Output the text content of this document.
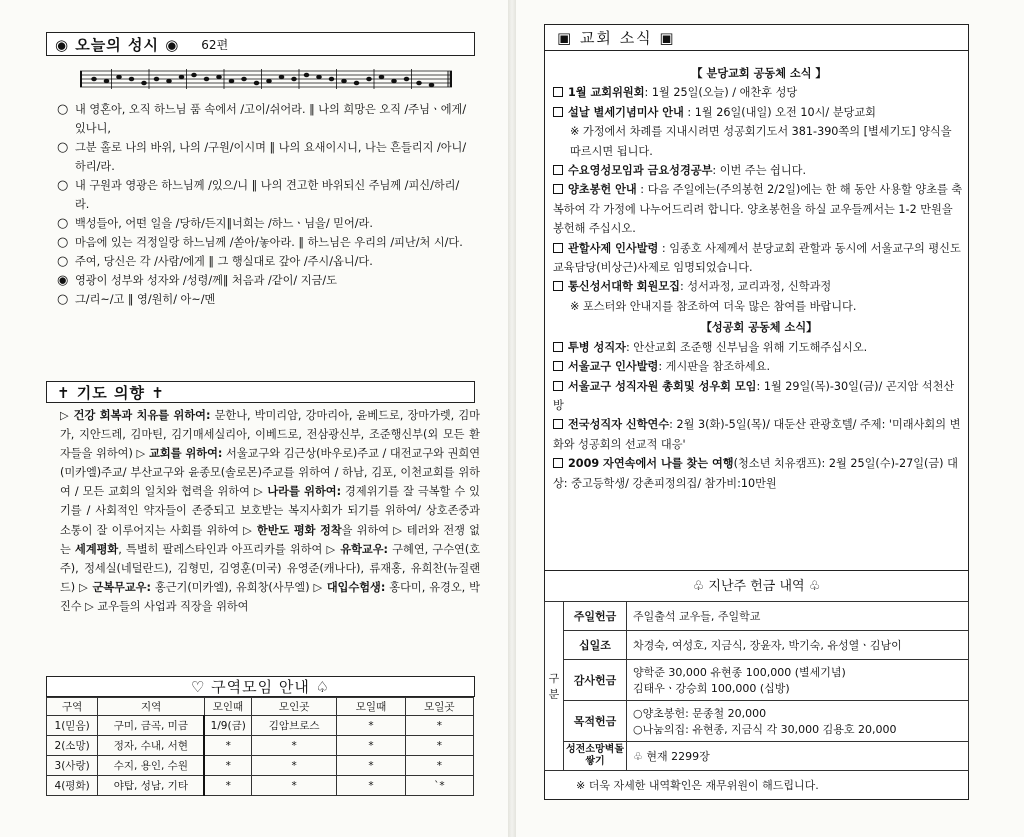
◉ 오늘의 성시 ◉ 62편
○ 내 영혼아, 오직 하느님 품 속에서 /고이/쉬어라. ‖ 나의 희망은 오직 /주님ㆍ에게/ 있나니,
○ 그분 홀로 나의 바위, 나의 /구원/이시며 ‖ 나의 요새이시니, 나는 흔들리지 /아니/하리/라.
○ 내 구원과 영광은 하느님께 /있으/니 ‖ 나의 견고한 바위되신 주님께 /피신/하리/라.
○ 백성들아, 어떤 일을 /당하/든지‖너희는 /하느ㆍ님을/ 믿어/라.
○ 마음에 있는 걱정일랑 하느님께 /쏟아/놓아라. ‖ 하느님은 우리의 /피난/처 시/다.
○ 주여, 당신은 각 /사람/에게 ‖ 그 행실대로 갚아 /주시/옵니/다.
◉ 영광이 성부와 성자와 /성령/께‖ 처음과 /같이/ 지금/도
○ 그/리~/고 ‖ 영/원히/ 아~/멘
✝ 기도 의향 ✝
▷ 건강 회복과 치유를 위하여: 문한나, 박미리암, 강마리아, 윤베드로, 장마가렛, 김마가, 지안드레, 김마틴, 김기매세실리아, 이베드로, 전삼광신부, 조준행신부(외 모든 환자들을 위하여) ▷ 교회를 위하여: 서울교구와 김근상(바우로)주교 / 대전교구와 권희연(미카엘)주교/ 부산교구와 윤종모(솔로몬)주교를 위하여 / 하남, 김포, 이천교회를 위하여 / 모든 교회의 일치와 협력을 위하여 ▷ 나라를 위하여: 경제위기를 잘 극복할 수 있기를 / 사회적인 약자들이 존중되고 보호받는 복지사회가 되기를 위하여/ 상호존중과 소통이 잘 이루어지는 사회를 위하여 ▷ 한반도 평화 정착을 위하여 ▷ 테러와 전쟁 없는 세계평화, 특별히 팔레스타인과 아프리카를 위하여 ▷ 유학교우: 구혜연, 구수연(호주), 정세실(네덜란드), 김형민, 김영훈(미국) 유영준(캐나다), 류재홍, 유희찬(뉴질랜드) ▷ 군복무교우: 홍근기(미카엘), 유희창(사무엘) ▷ 대입수험생: 홍다미, 유경오, 박진수 ▷ 교우들의 사업과 직장을 위하여
♡ 구역모임 안내 ♤
구역	지역	모인때	모인곳	모일때	모일곳
1(믿음)	구미, 금곡, 미금	1/9(금)	김암브로스	*	*
2(소망)	정자, 수내, 서현	*	*	*	*
3(사랑)	수지, 용인, 수원	*	*	*	*
4(평화)	야탑, 성남, 기타	*	*	*	`*
▣ 교회 소식 ▣
【 분당교회 공동체 소식 】
1월 교회위원회: 1월 25일(오늘) / 애찬후 성당
설날 별세기념미사 안내 : 1월 26일(내일) 오전 10시/ 분당교회
※ 가정에서 차례를 지내시려면 성공회기도서 381-390쪽의 [별세기도] 양식을 따르시면 됩니다.
수요영성모임과 금요성경공부: 이번 주는 쉽니다.
양초봉헌 안내 : 다음 주일에는(주의봉헌 2/2일)에는 한 해 동안 사용할 양초를 축복하여 각 가정에 나누어드리려 합니다. 양초봉헌을 하실 교우들께서는 1-2 만원을 봉헌해 주십시오.
관할사제 인사발령 : 임종호 사제께서 분당교회 관할과 동시에 서울교구의 평신도교육담당(비상근)사제로 임명되었습니다.
통신성서대학 회원모집: 성서과정, 교리과정, 신학과정
※ 포스터와 안내지를 참조하여 더욱 많은 참여를 바랍니다.
【성공회 공동체 소식】
투병 성직자: 안산교회 조준행 신부님을 위해 기도해주십시오.
서울교구 인사발령: 게시판을 참조하세요.
서울교구 성직자원 총회및 성우회 모임: 1월 29일(목)-30일(금)/ 곤지암 석천산방
전국성직자 신학연수: 2월 3(화)-5일(목)/ 대둔산 관광호텔/ 주제: '미래사회의 변화와 성공회의 선교적 대응'
2009 자연속에서 나를 찾는 여행(청소년 치유캠프): 2월 25일(수)-27일(금) 대상: 중고등학생/ 강촌피정의집/ 참가비:10만원
♧ 지난주 헌금 내역 ♧
구분	주일헌금	주일출석 교우들, 주일학교
	십일조	차경숙, 여성호, 지금식, 장윤자, 박기숙, 유성열ㆍ김남이
	감사헌금	양학준 30,000 유현종 100,000 (별세기념)
김태우ㆍ강승희 100,000 (십방)
	목적헌금	○양초봉헌: 문종철 20,000
○나눔의집: 유현종, 지금식 각 30,000 김용호 20,000
	성전소망벽돌쌓기	♧ 현재 2299장
※ 더욱 자세한 내역확인은 재무위원이 해드립니다.
